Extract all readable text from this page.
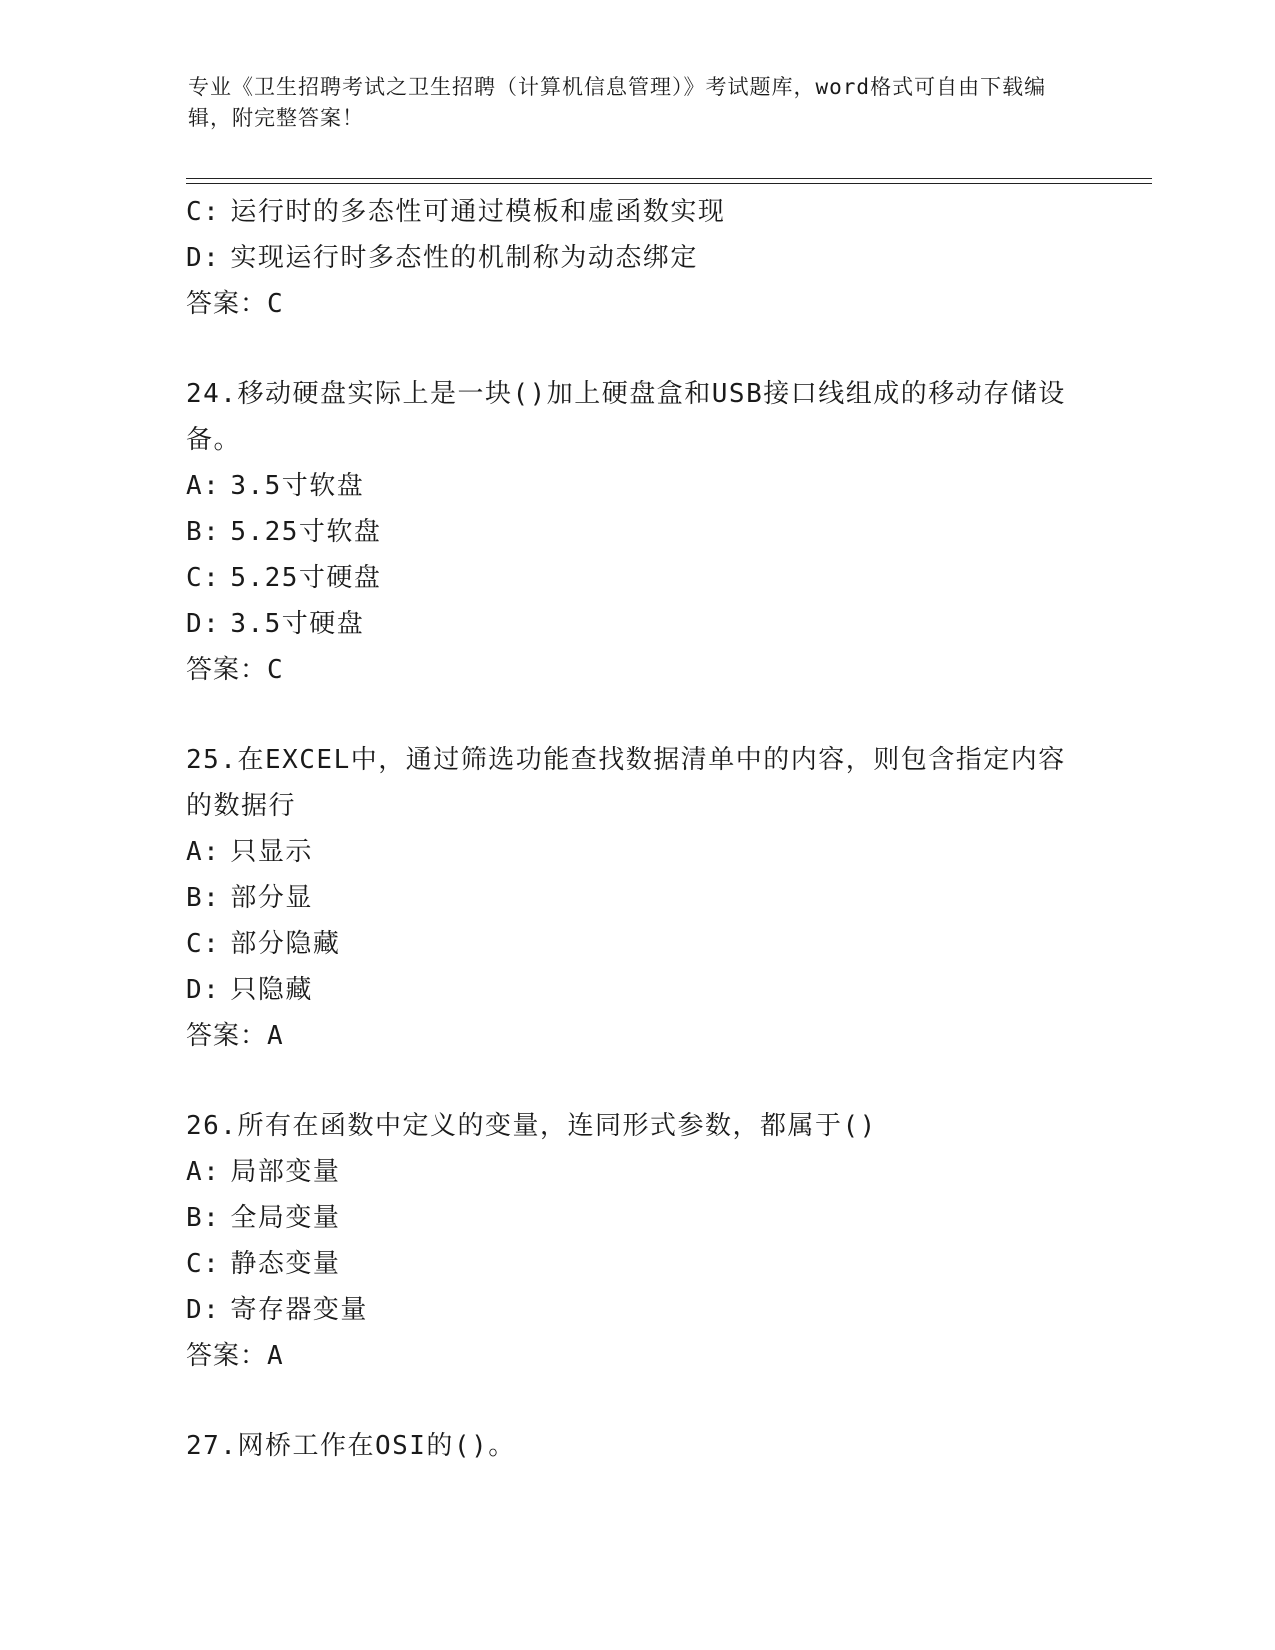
专业《卫生招聘考试之卫生招聘（计算机信息管理）》考试题库，word格式可自由下载编辑，附完整答案！
C: 运行时的多态性可通过模板和虚函数实现
D: 实现运行时多态性的机制称为动态绑定
答案：C
24.移动硬盘实际上是一块()加上硬盘盒和USB接口线组成的移动存储设备。
A: 3.5寸软盘
B: 5.25寸软盘
C: 5.25寸硬盘
D: 3.5寸硬盘
答案：C
25.在EXCEL中，通过筛选功能查找数据清单中的内容，则包含指定内容的数据行
A: 只显示
B: 部分显
C: 部分隐藏
D: 只隐藏
答案：A
26.所有在函数中定义的变量，连同形式参数，都属于()
A: 局部变量
B: 全局变量
C: 静态变量
D: 寄存器变量
答案：A
27.网桥工作在OSI的()。
